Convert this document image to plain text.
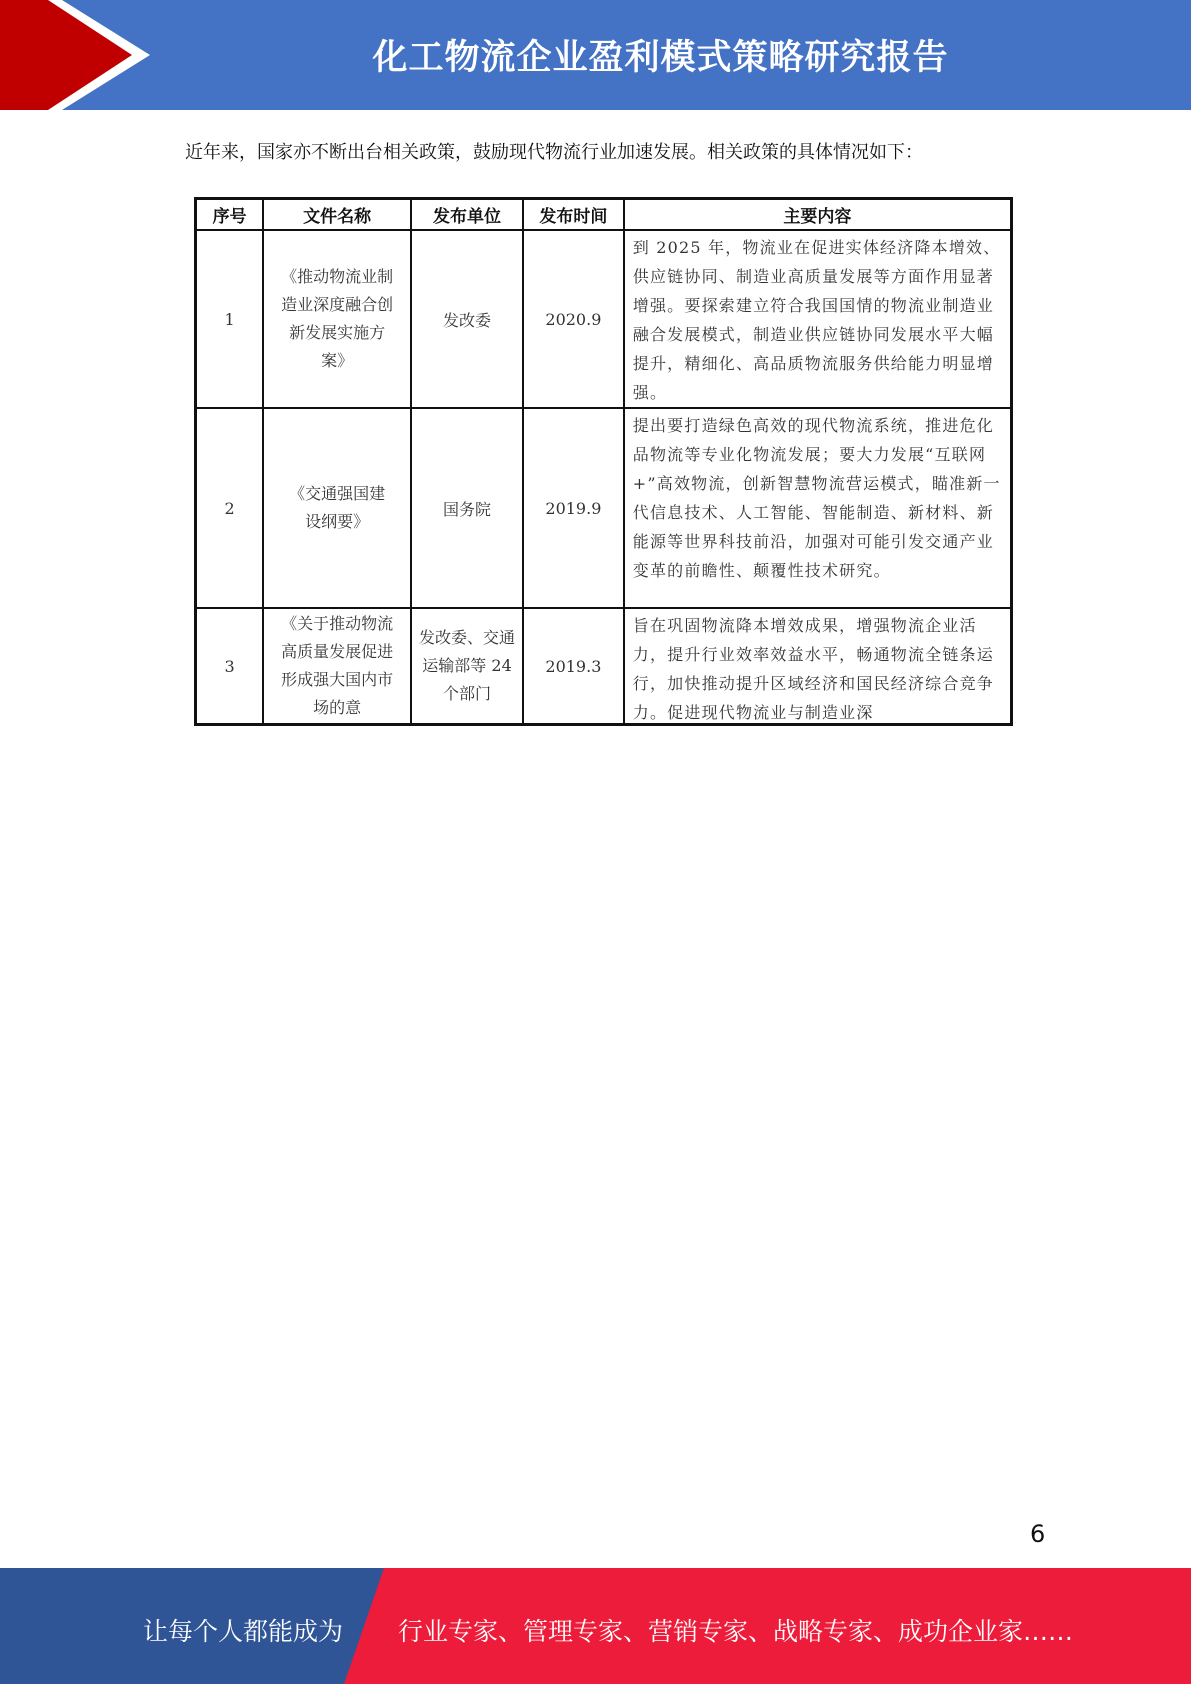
化工物流企业盈利模式策略研究报告
近年来，国家亦不断出台相关政策，鼓励现代物流行业加速发展。相关政策的具体情况如下：
序号	文件名称	发布单位	发布时间	主要内容
1	《推动物流业制造业深度融合创新发展实施方案》	发改委	2020.9	到 2025 年，物流业在促进实体经济降本增效、供应链协同、制造业高质量发展等方面作用显著增强。要探索建立符合我国国情的物流业制造业融合发展模式，制造业供应链协同发展水平大幅提升，精细化、高品质物流服务供给能力明显增强。
2	《交通强国建设纲要》	国务院	2019.9	提出要打造绿色高效的现代物流系统，推进危化品物流等专业化物流发展；要大力发展“互联网+”高效物流，创新智慧物流营运模式，瞄准新一代信息技术、人工智能、智能制造、新材料、新能源等世界科技前沿，加强对可能引发交通产业变革的前瞻性、颠覆性技术研究。
3	《关于推动物流高质量发展促进形成强大国内市场的意	发改委、交通运输部等 24 个部门	2019.3	旨在巩固物流降本增效成果，增强物流企业活力，提升行业效率效益水平，畅通物流全链条运行，加快推动提升区域经济和国民经济综合竞争力。促进现代物流业与制造业深
6
让每个人都能成为 行业专家、管理专家、营销专家、战略专家、成功企业家……
